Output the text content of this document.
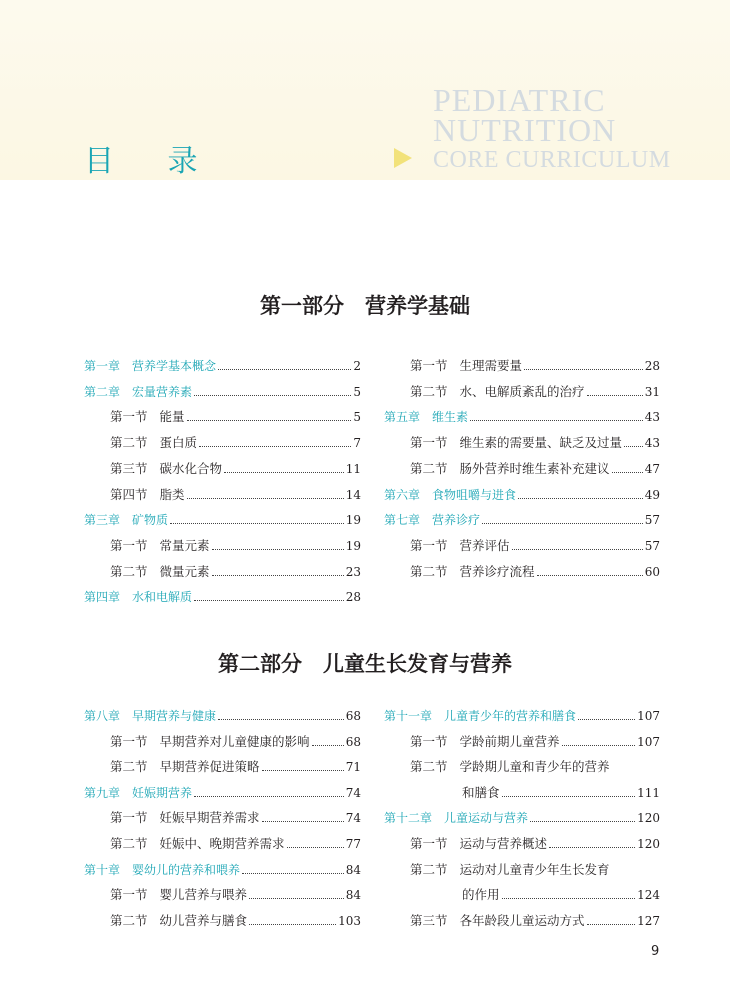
目 录
PEDIATRIC
NUTRITION
CORE CURRICULUM
第一部分　营养学基础
第一章 营养学基本概念	2
第二章 宏量营养素	5
第一节 能量	5
第二节 蛋白质	7
第三节 碳水化合物	11
第四节 脂类	14
第三章 矿物质	19
第一节 常量元素	19
第二节 微量元素	23
第四章 水和电解质	28
第一节 生理需要量	28
第二节 水、电解质紊乱的治疗	31
第五章 维生素	43
第一节 维生素的需要量、缺乏及过量 43
第二节 肠外营养时维生素补充建议	47
第六章 食物咀嚼与进食	49
第七章 营养诊疗	57
第一节 营养评估	57
第二节 营养诊疗流程	60
第二部分　儿童生长发育与营养
第八章 早期营养与健康	68
第一节 早期营养对儿童健康的影响	68
第二节 早期营养促进策略	71
第九章 妊娠期营养	74
第一节 妊娠早期营养需求	74
第二节 妊娠中、晚期营养需求	77
第十章 婴幼儿的营养和喂养	84
第一节 婴儿营养与喂养	84
第二节 幼儿营养与膳食	103
第十一章 儿童青少年的营养和膳食	107
第一节 学龄前期儿童营养	107
第二节 学龄期儿童和青少年的营养
和膳食	111
第十二章 儿童运动与营养	120
第一节 运动与营养概述	120
第二节 运动对儿童青少年生长发育
的作用	124
第三节 各年龄段儿童运动方式	127
9
